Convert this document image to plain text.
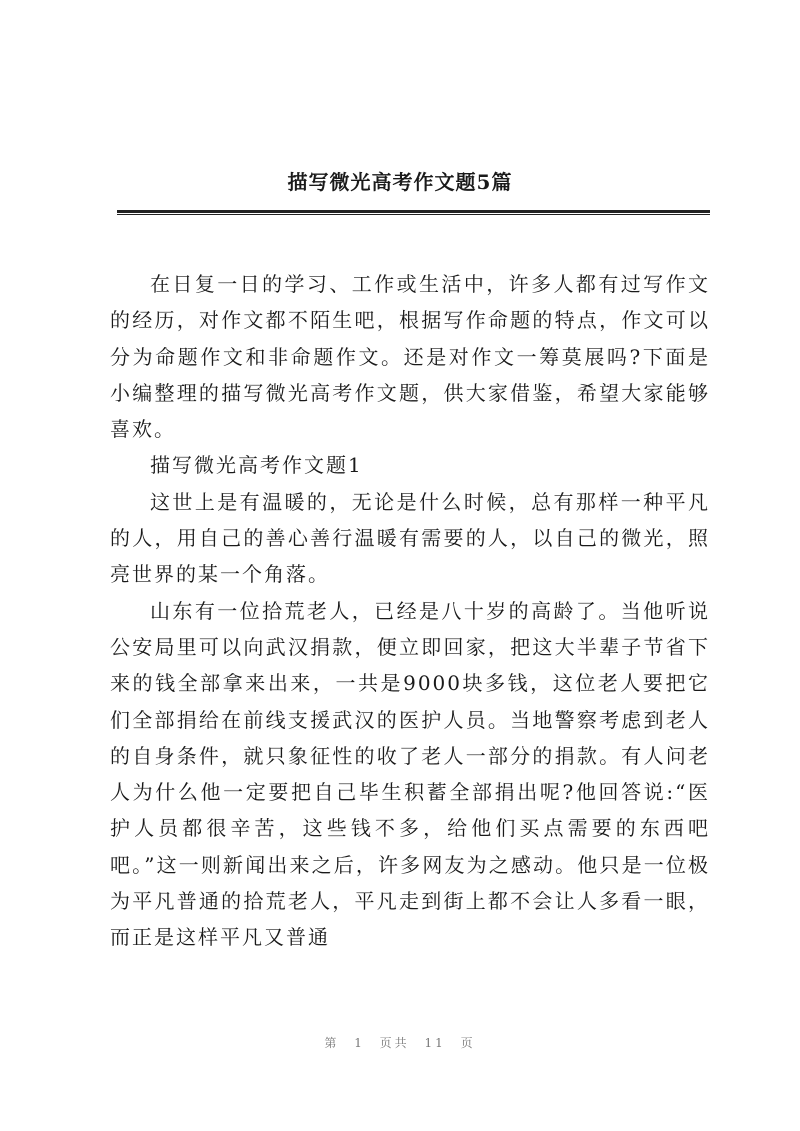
描写微光高考作文题5篇

在日复一日的学习、工作或生活中，许多人都有过写作文的经历，对作文都不陌生吧，根据写作命题的特点，作文可以分为命题作文和非命题作文。还是对作文一筹莫展吗?下面是小编整理的描写微光高考作文题，供大家借鉴，希望大家能够喜欢。

描写微光高考作文题1

这世上是有温暖的，无论是什么时候，总有那样一种平凡的人，用自己的善心善行温暖有需要的人，以自己的微光，照亮世界的某一个角落。

山东有一位拾荒老人，已经是八十岁的高龄了。当他听说公安局里可以向武汉捐款，便立即回家，把这大半辈子节省下来的钱全部拿来出来，一共是9000块多钱，这位老人要把它们全部捐给在前线支援武汉的医护人员。当地警察考虑到老人的自身条件，就只象征性的收了老人一部分的捐款。有人问老人为什么他一定要把自己毕生积蓄全部捐出呢?他回答说:“医护人员都很辛苦，这些钱不多，给他们买点需要的东西吧吧。”这一则新闻出来之后，许多网友为之感动。他只是一位极为平凡普通的拾荒老人，平凡走到街上都不会让人多看一眼，而正是这样平凡又普通

第 1 页共 11 页
